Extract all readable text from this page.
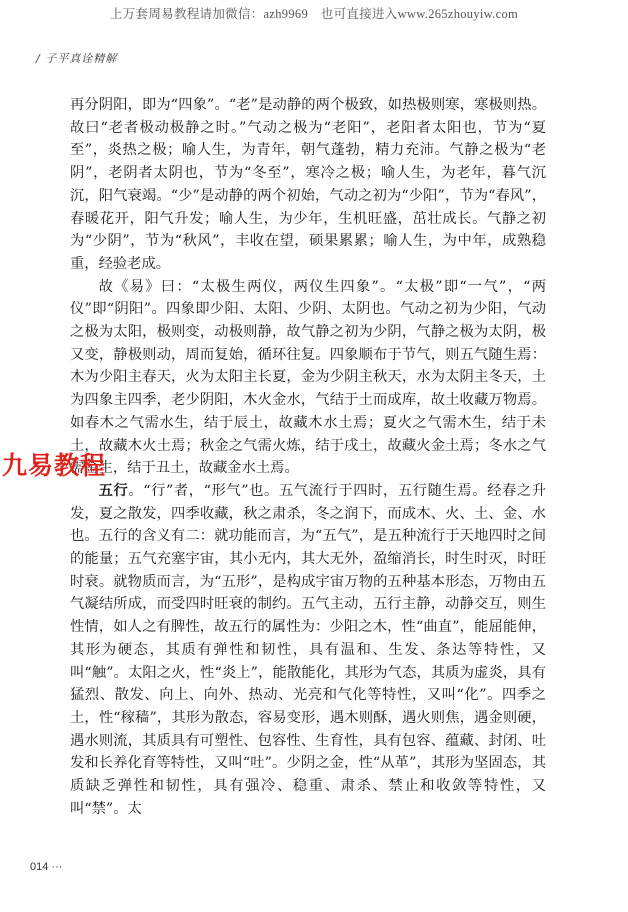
上万套周易教程请加微信：azh9969　也可直接进入www.265zhouyiw.com
/ 子平真诠精解

再分阴阳，即为“四象”。“老”是动静的两个极致，如热极则寒，寒极则热。故曰“老者极动极静之时。”气动之极为“老阳”，老阳者太阳也，节为“夏至”，炎热之极；喻人生，为青年，朝气蓬勃，精力充沛。气静之极为“老阴”，老阴者太阴也，节为“冬至”，寒冷之极；喻人生，为老年，暮气沉沉，阳气衰竭。“少”是动静的两个初始，气动之初为“少阳”，节为“春风”，春暖花开，阳气升发；喻人生，为少年，生机旺盛，茁壮成长。气静之初为“少阴”，节为“秋风”，丰收在望，硕果累累；喻人生，为中年，成熟稳重，经验老成。

故《易》曰：“太极生两仪，两仪生四象”。“太极”即“一气”，“两仪”即“阴阳”。四象即少阳、太阳、少阴、太阴也。气动之初为少阳，气动之极为太阳，极则变，动极则静，故气静之初为少阴，气静之极为太阴，极又变，静极则动，周而复始，循环往复。四象顺布于节气，则五气随生焉：木为少阳主春天，火为太阳主长夏，金为少阴主秋天，水为太阴主冬天，土为四象主四季，老少阴阳，木火金水，气结于土而成库，故土收藏万物焉。如春木之气需水生，结于辰土，故藏木水土焉；夏火之气需木生，结于未土，故藏木火土焉；秋金之气需火炼，结于戌土，故藏火金土焉；冬水之气需金生，结于丑土，故藏金水土焉。

五行。“行”者，“形气”也。五气流行于四时，五行随生焉。经春之升发，夏之散发，四季收藏，秋之肃杀，冬之润下，而成木、火、土、金、水也。五行的含义有二：就功能而言，为“五气”，是五种流行于天地四时之间的能量；五气充塞宇宙，其小无内，其大无外，盈缩消长，时生时灭，时旺时衰。就物质而言，为“五形”，是构成宇宙万物的五种基本形态，万物由五气凝结所成，而受四时旺衰的制约。五气主动，五行主静，动静交互，则生性情，如人之有脾性，故五行的属性为：少阳之木，性“曲直”，能屈能伸，其形为硬态，其质有弹性和韧性，具有温和、生发、条达等特性，又叫“触”。太阳之火，性“炎上”，能散能化，其形为气态，其质为虚炎，具有猛烈、散发、向上、向外、热动、光亮和气化等特性，又叫“化”。四季之土，性“稼穑”，其形为散态，容易变形，遇木则酥，遇火则焦，遇金则硬，遇水则流，其质具有可塑性、包容性、生育性，具有包容、蕴藏、封闭、吐发和长养化育等特性，又叫“吐”。少阴之金，性“从革”，其形为坚固态，其质缺乏弹性和韧性，具有强冷、稳重、肃杀、禁止和收敛等特性，又叫“禁”。太

九易教程
014 ···
